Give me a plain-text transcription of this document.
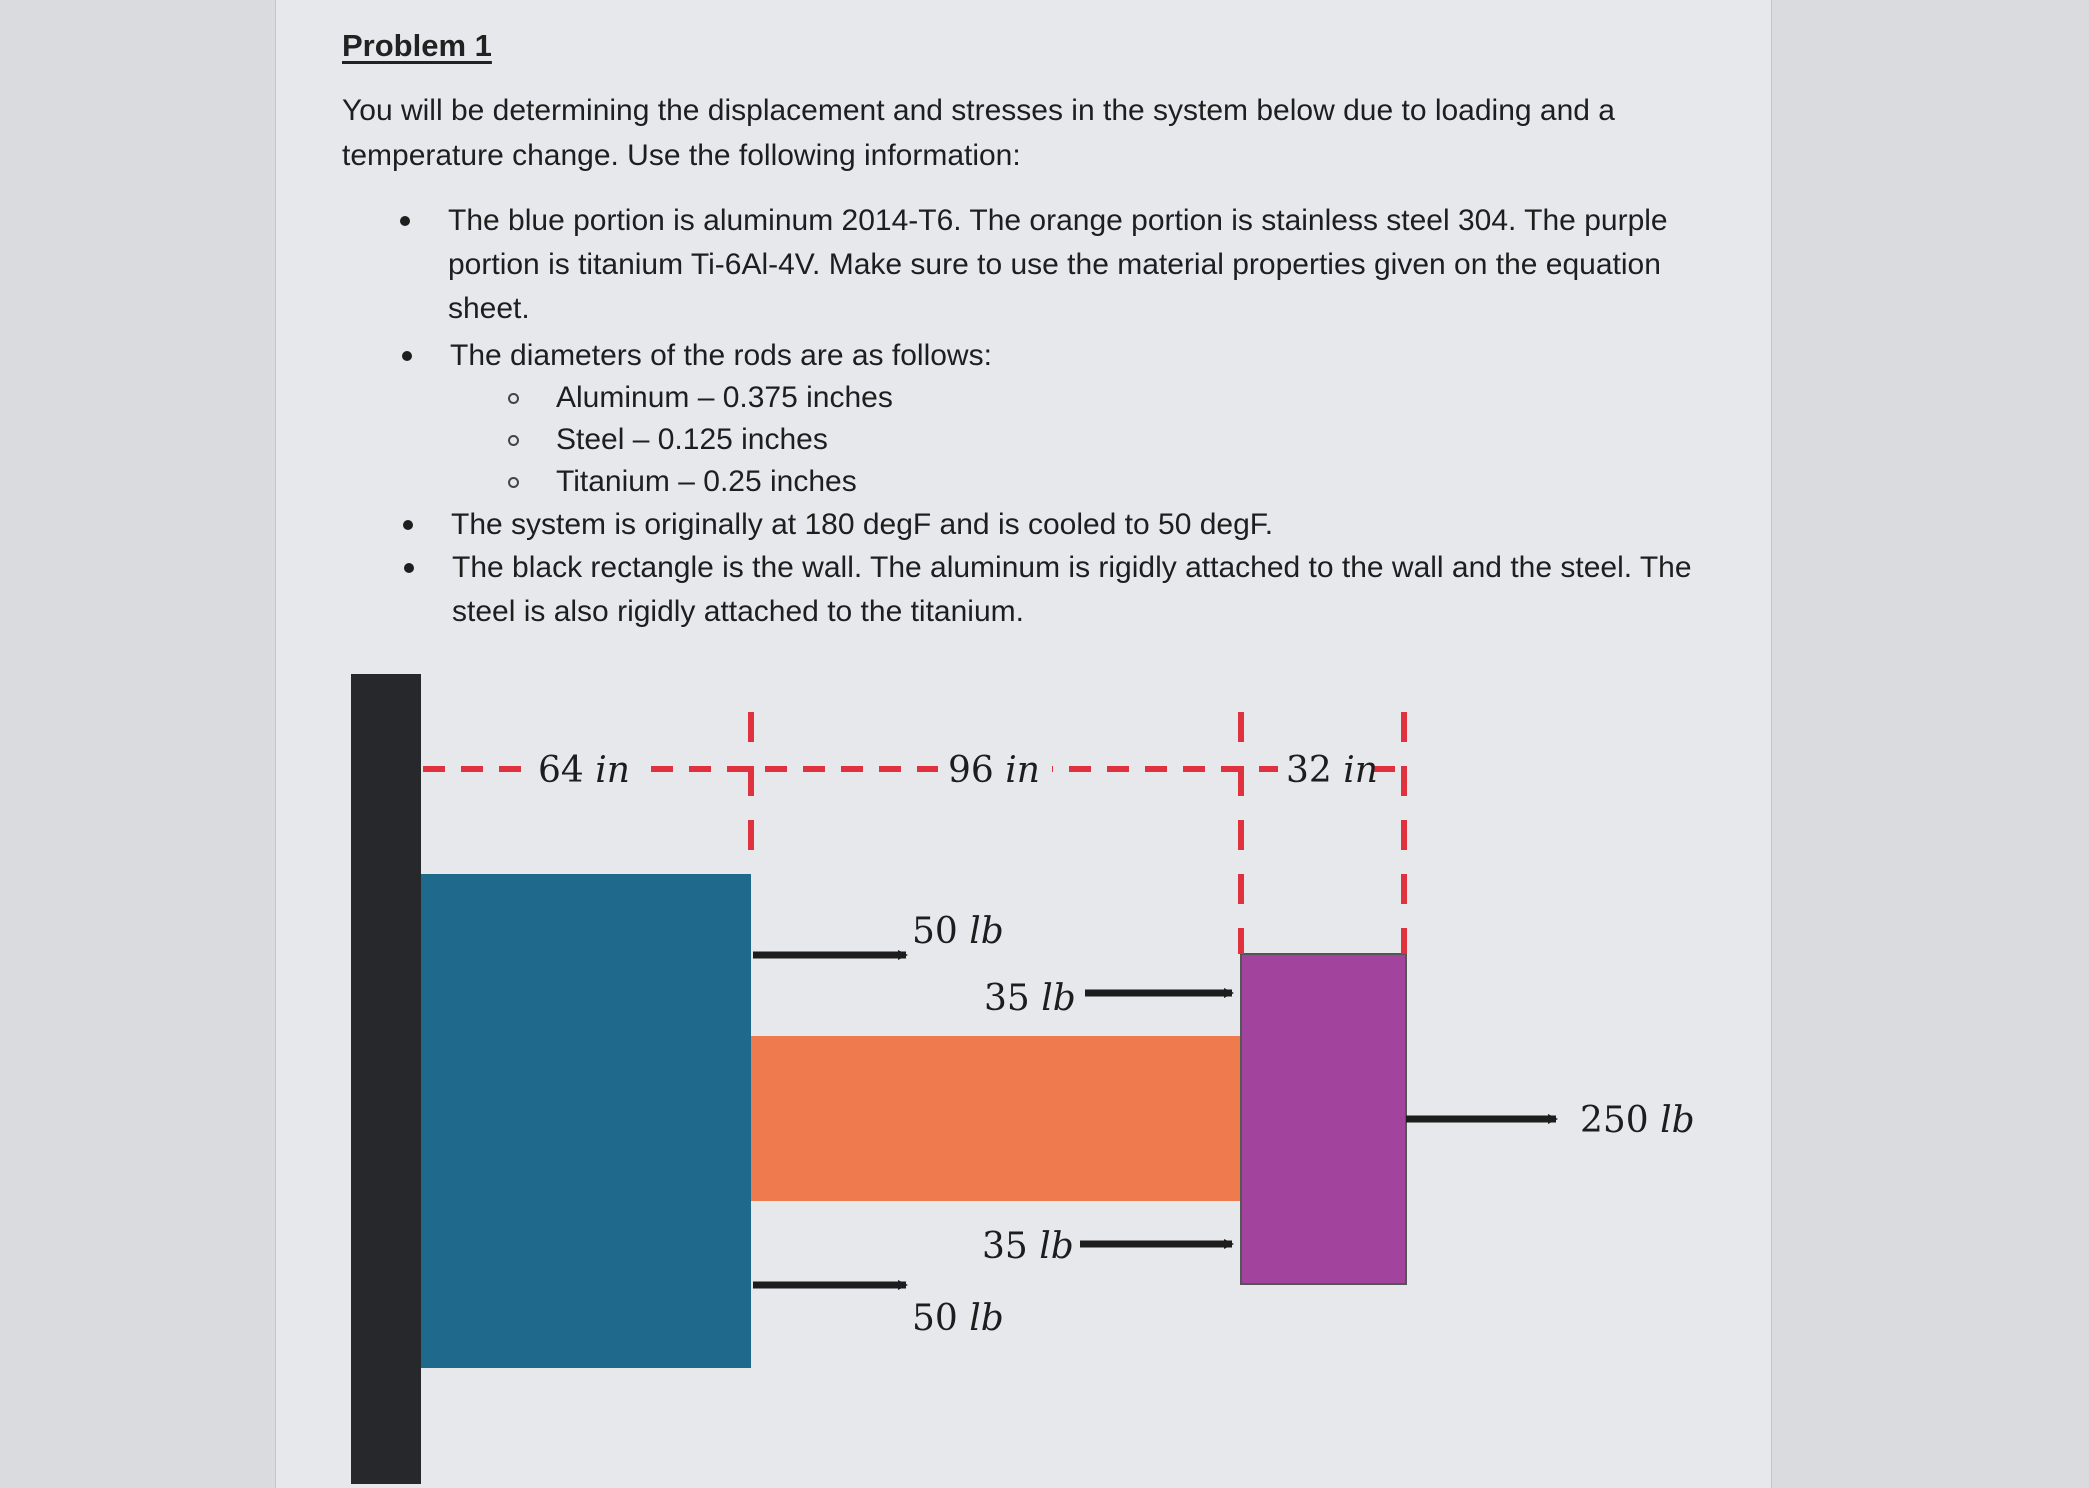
Problem 1
You will be determining the displacement and stresses in the system below due to loading and a temperature change. Use the following information:
The blue portion is aluminum 2014-T6. The orange portion is stainless steel 304. The purple portion is titanium Ti-6Al-4V. Make sure to use the material properties given on the equation sheet.
The diameters of the rods are as follows:
Aluminum – 0.375 inches
Steel – 0.125 inches
Titanium – 0.25 inches
The system is originally at 180 degF and is cooled to 50 degF.
The black rectangle is the wall. The aluminum is rigidly attached to the wall and the steel. The steel is also rigidly attached to the titanium.
64 in	96 in	32 in
50 lb
35 lb
35 lb
50 lb
250 lb
